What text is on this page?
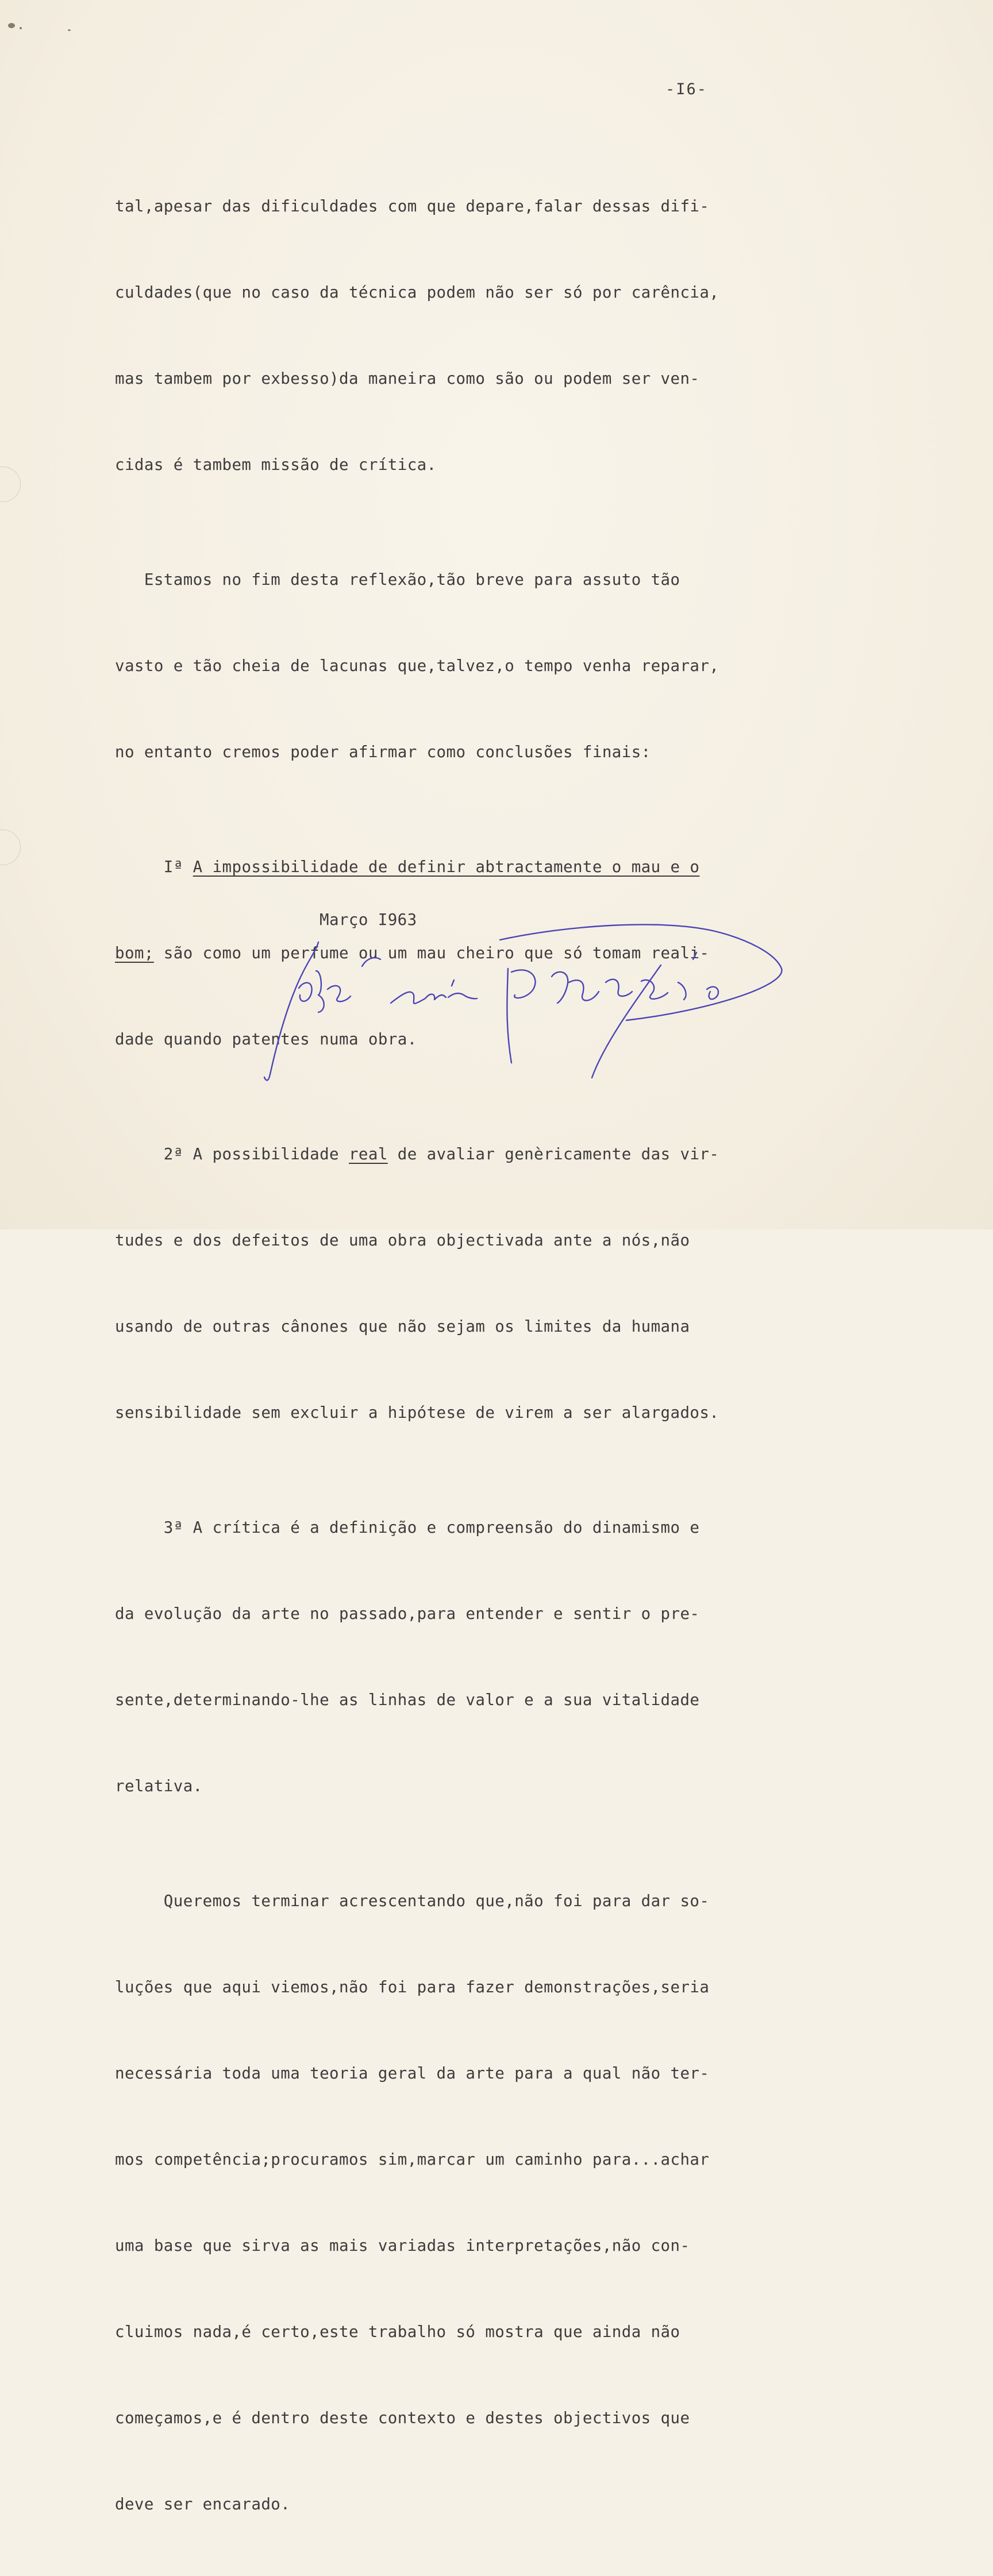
-I6-

tal,apesar das dificuldades com que depare,falar dessas difi-

culdades(que no caso da técnica podem não ser só por carência,

mas tambem por exbesso)da maneira como são ou podem ser ven-

cidas é tambem missão de crítica.

Estamos no fim desta reflexão,tão breve para assuto tão

vasto e tão cheia de lacunas que,talvez,o tempo venha reparar,

no entanto cremos poder afirmar como conclusões finais:

Iª A impossibilidade de definir abtractamente o mau e o

bom; são como um perfume ou um mau cheiro que só tomam reali-

dade quando patentes numa obra.

2ª A possibilidade real de avaliar genèricamente das vir-

tudes e dos defeitos de uma obra objectivada ante a nós,não

usando de outras cânones que não sejam os limites da humana

sensibilidade sem excluir a hipótese de virem a ser alargados.

3ª A crítica é a definição e compreensão do dinamismo e

da evolução da arte no passado,para entender e sentir o pre-

sente,determinando-lhe as linhas de valor e a sua vitalidade

relativa.

Queremos terminar acrescentando que,não foi para dar so-

luções que aqui viemos,não foi para fazer demonstrações,seria

necessária toda uma teoria geral da arte para a qual não ter-

mos competência;procuramos sim,marcar um caminho para...achar

uma base que sirva as mais variadas interpretações,não con-

cluimos nada,é certo,este trabalho só mostra que ainda não

começamos,e é dentro deste contexto e destes objectivos que

deve ser encarado.

Março I963
